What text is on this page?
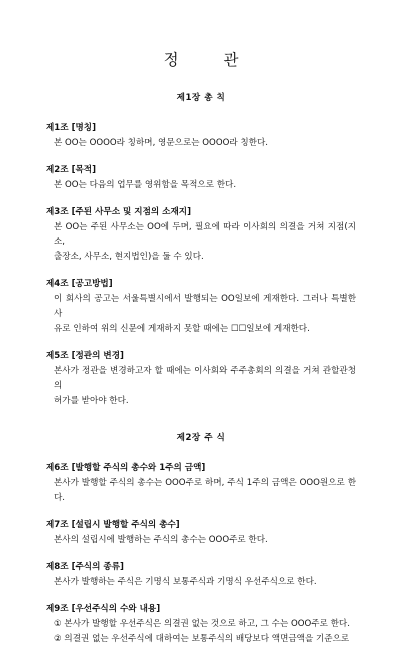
정 관
제1장 총 칙

제1조 [명칭]

본 OO는 OOOO라 칭하며, 영문으로는 OOOO라 칭한다.

제2조 [목적]

본 OO는 다음의 업무를 영위함을 목적으로 한다.

제3조 [주된 사무소 및 지점의 소재지]

본 OO는 주된 사무소는 OO에 두며, 필요에 따라 이사회의 의결을 거쳐 지점(지소,
출장소, 사무소, 현지법인)을 둘 수 있다.

제4조 [공고방법]

이 회사의 공고는 서울특별시에서 발행되는 OO일보에 게재한다. 그러나 특별한 사
유로 인하여 위의 신문에 게재하지 못할 때에는 ☐☐일보에 게재한다.

제5조 [정관의 변경]

본사가 정관을 변경하고자 할 때에는 이사회와 주주총회의 의결을 거쳐 관할관청의
허가를 받아야 한다.

제2장 주 식

제6조 [발행할 주식의 총수와 1주의 금액]

본사가 발행할 주식의 총수는 OOO주로 하며, 주식 1주의 금액은 OOO원으로 한다.

제7조 [설립시 발행할 주식의 총수]

본사의 설립시에 발행하는 주식의 총수는 OOO주로 한다.

제8조 [주식의 종류]

본사가 발행하는 주식은 기명식 보통주식과 기명식 우선주식으로 한다.

제9조 [우선주식의 수와 내용]

① 본사가 발행할 우선주식은 의결권 없는 것으로 하고, 그 수는 OOO주로 한다.
② 의결권 없는 우선주식에 대하여는 보통주식의 배당보다 액면금액을 기준으로
